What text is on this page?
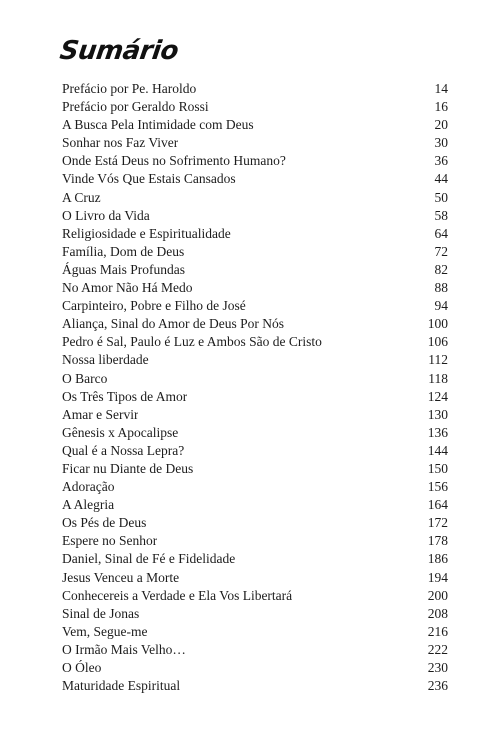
Sumário
Prefácio por Pe. Haroldo	14
Prefácio por Geraldo Rossi	16
A Busca Pela Intimidade com Deus	20
Sonhar nos Faz Viver	30
Onde Está Deus no Sofrimento Humano?	36
Vinde Vós Que Estais Cansados	44
A Cruz	50
O Livro da Vida	58
Religiosidade e Espiritualidade	64
Família, Dom de Deus	72
Águas Mais Profundas	82
No Amor Não Há Medo	88
Carpinteiro, Pobre e Filho de José	94
Aliança, Sinal do Amor de Deus Por Nós	100
Pedro é Sal, Paulo é Luz e Ambos São de Cristo	106
Nossa liberdade	112
O Barco	118
Os Três Tipos de Amor	124
Amar e Servir	130
Gênesis x Apocalipse	136
Qual é a Nossa Lepra?	144
Ficar nu Diante de Deus	150
Adoração	156
A Alegria	164
Os Pés de Deus	172
Espere no Senhor	178
Daniel, Sinal de Fé e Fidelidade	186
Jesus Venceu a Morte	194
Conhecereis a Verdade e Ela Vos Libertará	200
Sinal de Jonas	208
Vem, Segue-me	216
O Irmão Mais Velho…	222
O Óleo	230
Maturidade Espiritual	236
